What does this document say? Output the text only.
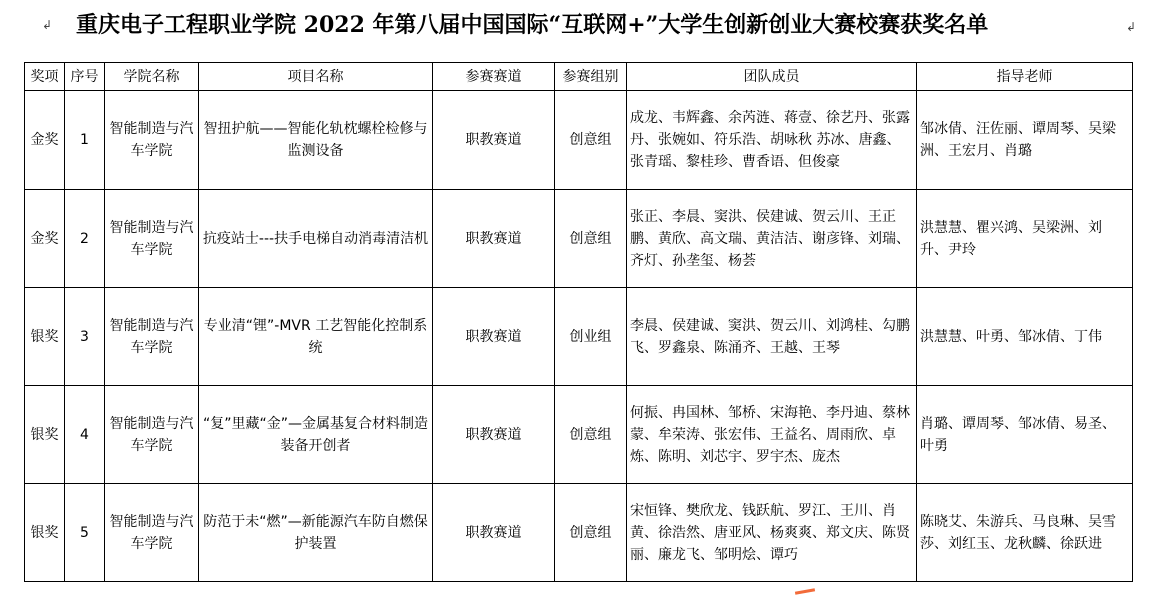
↲ 重庆电子工程职业学院 2022 年第八届中国国际“互联网+”大学生创新创业大赛校赛获奖名单	↲
奖项	序号	学院名称	项目名称	参赛赛道	参赛组别	团队成员	指导老师
金奖	1	智能制造与汽车学院	智扭护航——智能化轨枕螺栓检修与监测设备	职教赛道	创意组	成龙、韦辉鑫、余芮涟、蒋壹、徐艺丹、张露丹、张婉如、符乐浩、胡咏秋 苏冰、唐鑫、张青瑶、黎桂珍、曹香语、但俊豪	邹冰倩、汪佐丽、谭周琴、吴梁洲、王宏月、肖璐
金奖	2	智能制造与汽车学院	抗疫站士---扶手电梯自动消毒清洁机	职教赛道	创意组	张正、李晨、窦洪、侯建诚、贺云川、王正鹏、黄欣、高文瑞、黄洁洁、谢彦锋、刘瑞、齐灯、孙垄玺、杨荟	洪慧慧、瞿兴鸿、吴梁洲、刘升、尹玲
银奖	3	智能制造与汽车学院	专业清“锂”-MVR 工艺智能化控制系统	职教赛道	创业组	李晨、侯建诚、窦洪、贺云川、刘鸿桂、勾鹏飞、罗鑫泉、陈涌齐、王越、王琴	洪慧慧、叶勇、邹冰倩、丁伟
银奖	4	智能制造与汽车学院	“复”里藏“金”—金属基复合材料制造装备开创者	职教赛道	创意组	何振、冉国林、邹桥、宋海艳、李丹迪、蔡林蒙、牟荣涛、张宏伟、王益名、周雨欣、卓炼、陈明、刘芯宇、罗宇杰、庞杰	肖璐、谭周琴、邹冰倩、易圣、叶勇
银奖	5	智能制造与汽车学院	防范于未“燃”—新能源汽车防自燃保护装置	职教赛道	创意组	宋恒锋、樊欣龙、钱跃航、罗江、王川、肖黄、徐浩然、唐亚风、杨爽爽、郑文庆、陈贤丽、廉龙飞、邹明烩、谭巧	陈晓艾、朱游兵、马良琳、吴雪莎、刘红玉、龙秋麟、徐跃进
